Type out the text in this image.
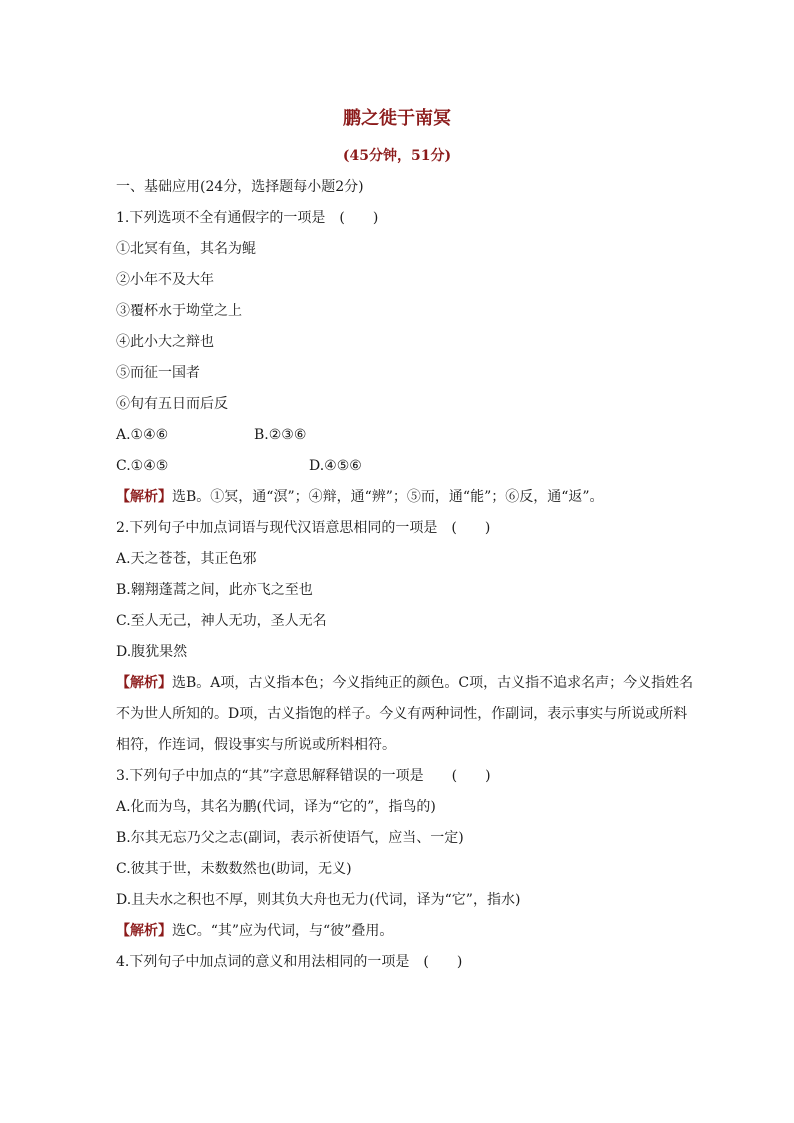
鹏之徙于南冥
(45分钟，51分)
一、基础应用(24分，选择题每小题2分)
1.下列选项不全有通假字的一项是　(　　)
①北冥有鱼，其名为鲲
②小年不及大年
③覆杯水于坳堂之上
④此小大之辩也
⑤而征一国者
⑥旬有五日而后反
A.①④⑥	B.②③⑥
C.①④⑤	D.④⑤⑥
【解析】选B。①冥，通“溟”；④辩，通“辨”；⑤而，通“能”；⑥反，通“返”。
2.下列句子中加点词语与现代汉语意思相同的一项是　(　　)
A.天之苍苍，其正色邪
B.翱翔蓬蒿之间，此亦飞之至也
C.至人无己，神人无功，圣人无名
D.腹犹果然
【解析】选B。A项，古义指本色；今义指纯正的颜色。C项，古义指不追求名声；今义指姓名不为世人所知的。D项，古义指饱的样子。今义有两种词性，作副词，表示事实与所说或所料相符，作连词，假设事实与所说或所料相符。
3.下列句子中加点的“其”字意思解释错误的一项是　　(　　)
A.化而为鸟，其名为鹏(代词，译为“它的”，指鸟的)
B.尔其无忘乃父之志(副词，表示祈使语气，应当、一定)
C.彼其于世，未数数然也(助词，无义)
D.且夫水之积也不厚，则其负大舟也无力(代词，译为“它”，指水)
【解析】选C。“其”应为代词，与“彼”叠用。
4.下列句子中加点词的意义和用法相同的一项是　(　　)
